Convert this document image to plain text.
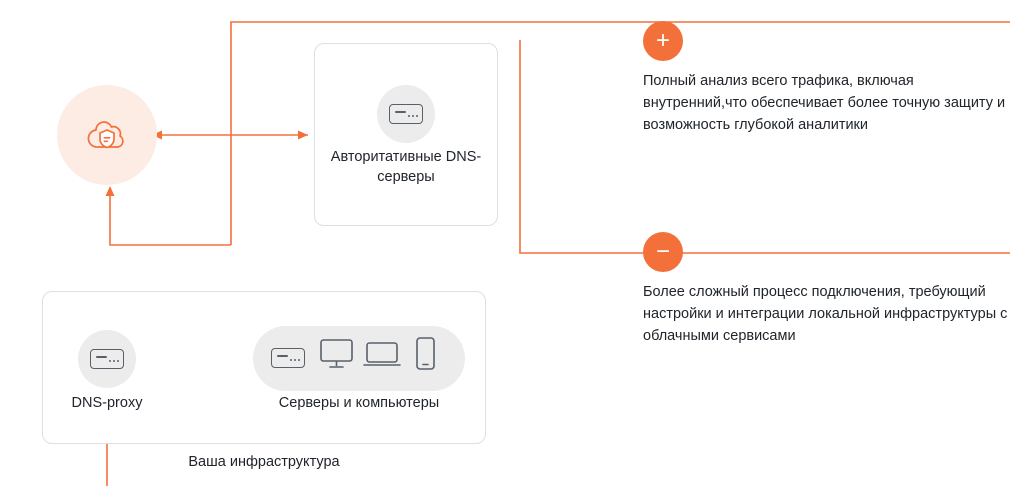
Авторитативные DNS-серверы
DNS-proxy	Серверы и компьютеры
Ваша инфраструктура
+
Полный анализ всего трафика, включая внутренний,что обеспечивает более точную защиту и возможность глубокой аналитики
−
Более сложный процесс подключения, требующий настройки и интеграции локальной инфраструктуры с облачными сервисами
